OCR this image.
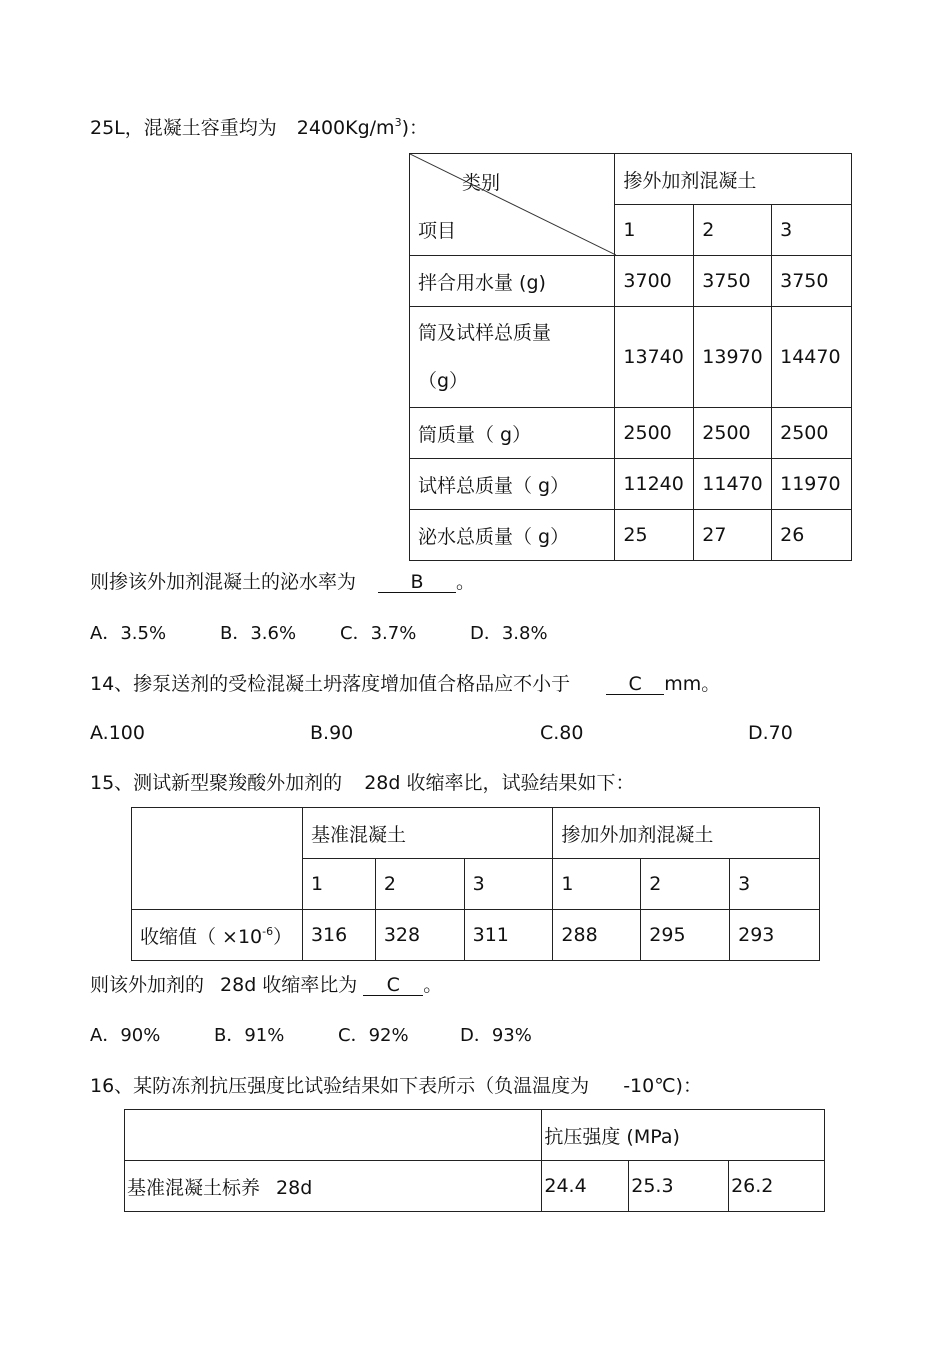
25L，混凝土容重均为 $2400Kg/m^3$)：
类别
项目	掺外加剂混凝土		
	1	2	3
拌合用水量 (g)	3700	3750	3750

筒及试样总质量（g）	13740	13970	14470
筒质量（ g）	2500	2500	2500
试样总质量（ g）	11240	11470	11970
泌水总质量（ g）	25	27	26
则掺该外加剂混凝土的泌水率为	B 。
A．3.5%	B．3.6% C．3.7%	D．3.8%
14、掺泵送剂的受检混凝土坍落度增加值合格品应不小于	C mm。
A.100	B.90	C.80	D.70
15、测试新型聚羧酸外加剂的 28d 收缩率比，试验结果如下：
	基准混凝土			掺加外加剂混凝土		
	1	2	3	1	2	3
收缩值（ $\times 10^{-6}$）	316	328	311	288	295	293
则该外加剂的 28d 收缩率比为 C 。
A．90%	B．91%	C．92%	D．93%
16、某防冻剂抗压强度比试验结果如下表所示（负温温度为 -10℃)：
	抗压强度 (MPa)		
基准混凝土标养 28d	24.4	25.3	26.2
